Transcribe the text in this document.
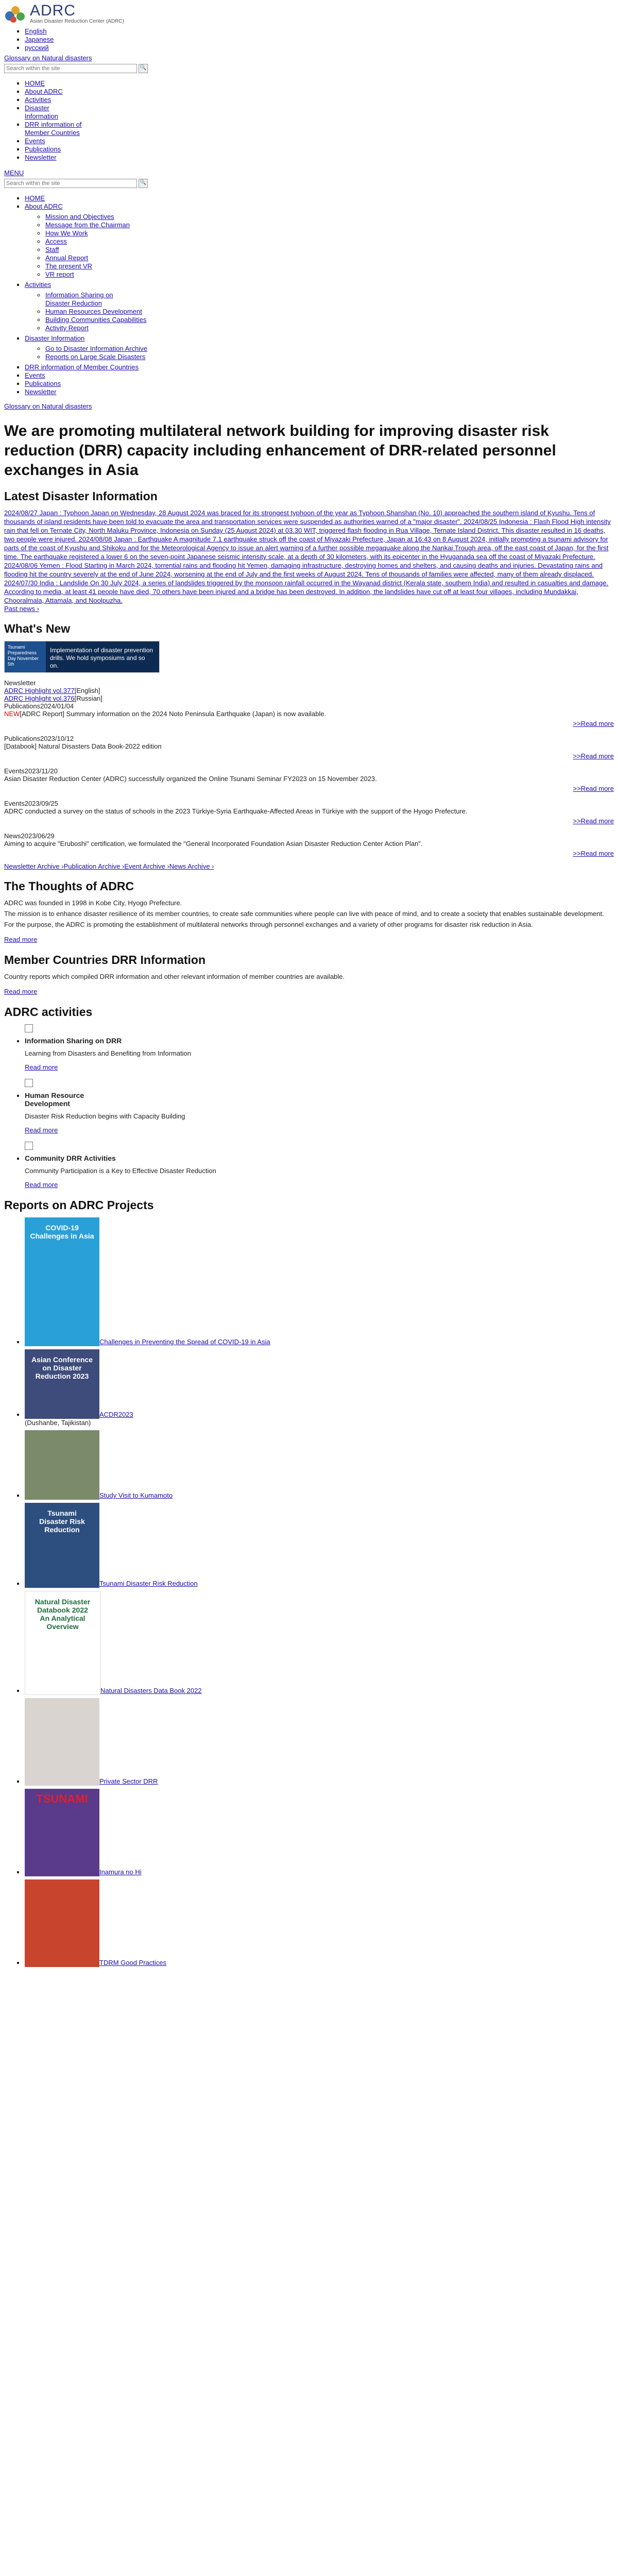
ADRC
Asian Disaster Reduction Center (ADRC)
▪ English
▪ Japanese
▪ русский
Glossary on Natural disasters
Search within the site
🔍
▪ HOME
▪ About ADRC
▪ Activities
▪ Disaster
Information
▪ DRR information of
Member Countries
▪ Events
▪ Publications
▪ Newsletter
MENU
Search within the site
🔍
▪ HOME
▪ About ADRC
◦ Mission and Objectives
◦ Message from the Chairman
◦ How We Work
◦ Access
◦ Staff
◦ Annual Report
◦ The present VR
◦ VR report
▪ Activities
◦ Information Sharing on
Disaster Reduction
◦ Human Resources Development
◦ Building Communities Capabilities
◦ Activity Report
▪ Disaster Information
◦ Go to Disaster Information Archive
◦ Reports on Large Scale Disasters
▪ DRR information of Member Countries
▪ Events
▪ Publications
▪ Newsletter
Glossary on Natural disasters
We are promoting multilateral network building for improving disaster risk reduction (DRR) capacity including enhancement of DRR-related personnel exchanges in Asia
Latest Disaster Information

2024/08/27 Japan : Typhoon Japan on Wednesday, 28 August 2024 was braced for its strongest typhoon of the year as Typhoon Shanshan (No. 10) approached the southern island of Kyushu. Tens of thousands of island residents have been told to evacuate the area and transportation services were suspended as authorities warned of a "major disaster". 2024/08/25 Indonesia : Flash Flood High intensity rain that fell on Ternate City, North Maluku Province, Indonesia on Sunday (25 August 2024) at 03.30 WIT, triggered flash flooding in Rua Village, Ternate Island District. This disaster resulted in 16 deaths, two people were injured. 2024/08/08 Japan : Earthquake A magnitude 7.1 earthquake struck off the coast of Miyazaki Prefecture, Japan at 16:43 on 8 August 2024, initially prompting a tsunami advisory for parts of the coast of Kyushu and Shikoku and for the Meteorological Agency to issue an alert warning of a further possible megaquake along the Nankai Trough area, off the east coast of Japan, for the first time. The earthquake registered a lower 6 on the seven-point Japanese seismic intensity scale, at a depth of 30 kilometers, with its epicenter in the Hyuganada sea off the coast of Miyazaki Prefecture. 2024/08/06 Yemen : Flood Starting in March 2024, torrential rains and flooding hit Yemen, damaging infrastructure, destroying homes and shelters, and causing deaths and injuries. Devastating rains and flooding hit the country severely at the end of June 2024, worsening at the end of July and the first weeks of August 2024. Tens of thousands of families were affected, many of them already displaced. 2024/07/30 India : Landslide On 30 July 2024, a series of landslides triggered by the monsoon rainfall occurred in the Wayanad district (Kerala state, southern India) and resulted in casualties and damage. According to media, at least 41 people have died, 70 others have been injured and a bridge has been destroyed. In addition, the landslides have cut off at least four villages, including Mundakkai, Chooralmala, Attamala, and Noolpuzha.

Past news ›
What's New
Tsunami Preparedness Day November 5th
Implementation of disaster prevention drills. We hold symposiums and so on.
Newsletter
ADRC Highlight vol.377[English]
ADRC Highlight vol.376[Russian]
Publications2024/01/04
NEW[ADRC Report] Summary information on the 2024 Noto Peninsula Earthquake (Japan) is now available.
>>Read more
Publications2023/10/12
[Databook] Natural Disasters Data Book-2022 edition
>>Read more
Events2023/11/20
Asian Disaster Reduction Center (ADRC) successfully organized the Online Tsunami Seminar FY2023 on 15 November 2023.
>>Read more
Events2023/09/25
ADRC conducted a survey on the status of schools in the 2023 Türkiye-Syria Earthquake-Affected Areas in Türkiye with the support of the Hyogo Prefecture.
>>Read more
News2023/06/29
Aiming to acquire "Eruboshi" certification, we formulated the "General Incorporated Foundation Asian Disaster Reduction Center Action Plan".
>>Read more
Newsletter Archive ›Publication Archive ›Event Archive ›News Archive ›
The Thoughts of ADRC

ADRC was founded in 1998 in Kobe City, Hyogo Prefecture.

The mission is to enhance disaster resilience of its member countries, to create safe communities where people can live with peace of mind, and to create a society that enables sustainable development.

For the purpose, the ADRC is promoting the establishment of multilateral networks through personnel exchanges and a variety of other programs for disaster risk reduction in Asia.

Read more

Member Countries DRR Information

Country reports which compiled DRR information and other relevant information of member countries are available.

Read more

ADRC activities
▪ Information Sharing on DRR

Learning from Disasters and Benefiting from Information

Read more

▪ Human Resource
Development

Disaster Risk Reduction begins with Capacity Building

Read more

▪ Community DRR Activities

Community Participation is a Key to Effective Disaster Reduction

Read more

Reports on ADRC Projects
▪ COVID-19
Challenges in Asia
Challenges in Preventing the Spread of COVID-19 in Asia
▪ Asian Conference on Disaster Reduction 2023
ACDR2023
(Dushanbe, Tajikistan)
▪ Study Visit to Kumamoto
▪ Tsunami
Disaster Risk Reduction
Tsunami Disaster Risk Reduction
▪ Natural Disaster Databook 2022
An Analytical Overview
Natural Disasters Data Book 2022
▪ Private Sector DRR
▪ TSUNAMI
Inamura no Hi
▪ TDRM Good Practices
